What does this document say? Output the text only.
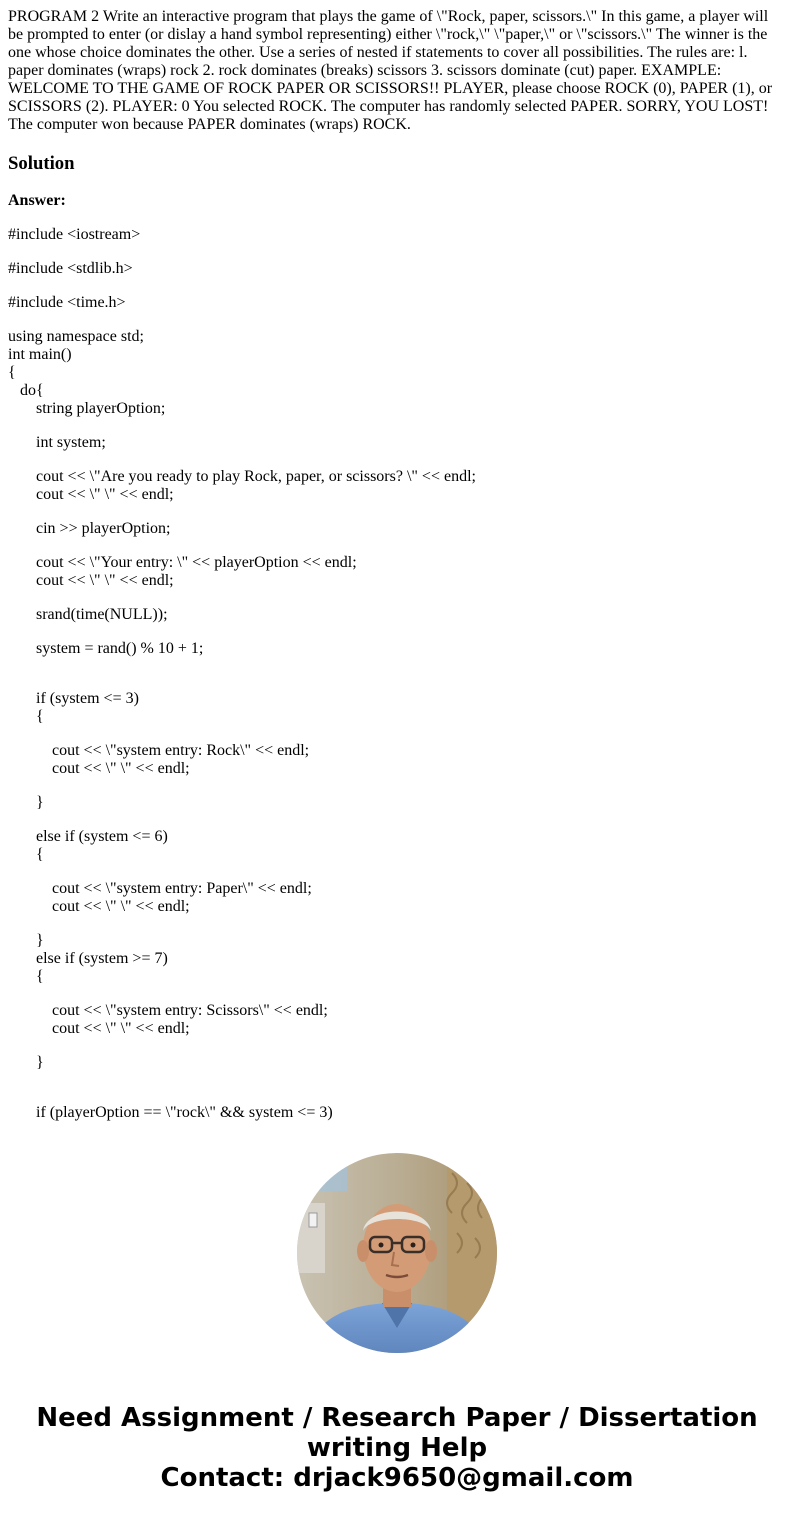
PROGRAM 2 Write an interactive program that plays the game of \"Rock, paper, scissors.\" In this game, a player will be prompted to enter (or dislay a hand symbol representing) either \"rock,\" \"paper,\" or \"scissors.\" The winner is the one whose choice dominates the other. Use a series of nested if statements to cover all possibilities. The rules are: l. paper dominates (wraps) rock 2. rock dominates (breaks) scissors 3. scissors dominate (cut) paper. EXAMPLE: WELCOME TO THE GAME OF ROCK PAPER OR SCISSORS!! PLAYER, please choose ROCK (0), PAPER (1), or SCISSORS (2). PLAYER: 0 You selected ROCK. The computer has randomly selected PAPER. SORRY, YOU LOST! The computer won because PAPER dominates (wraps) ROCK.

Solution
Answer:
#include <iostream>
#include <stdlib.h>
#include <time.h>
using namespace std;
int main()
{
do{
string playerOption;
int system;
cout << \"Are you ready to play Rock, paper, or scissors? \" << endl;
cout << \" \" << endl;
cin >> playerOption;
cout << \"Your entry: \" << playerOption << endl;
cout << \" \" << endl;
srand(time(NULL));
system = rand() % 10 + 1;
if (system <= 3)
{
cout << \"system entry: Rock\" << endl;
cout << \" \" << endl;
}
else if (system <= 6)
{
cout << \"system entry: Paper\" << endl;
cout << \" \" << endl;
}
else if (system >= 7)
{
cout << \"system entry: Scissors\" << endl;
cout << \" \" << endl;
}
if (playerOption == \"rock\" && system <= 3)
Need Assignment / Research Paper / Dissertation
writing Help
Contact: drjack9650@gmail.com
